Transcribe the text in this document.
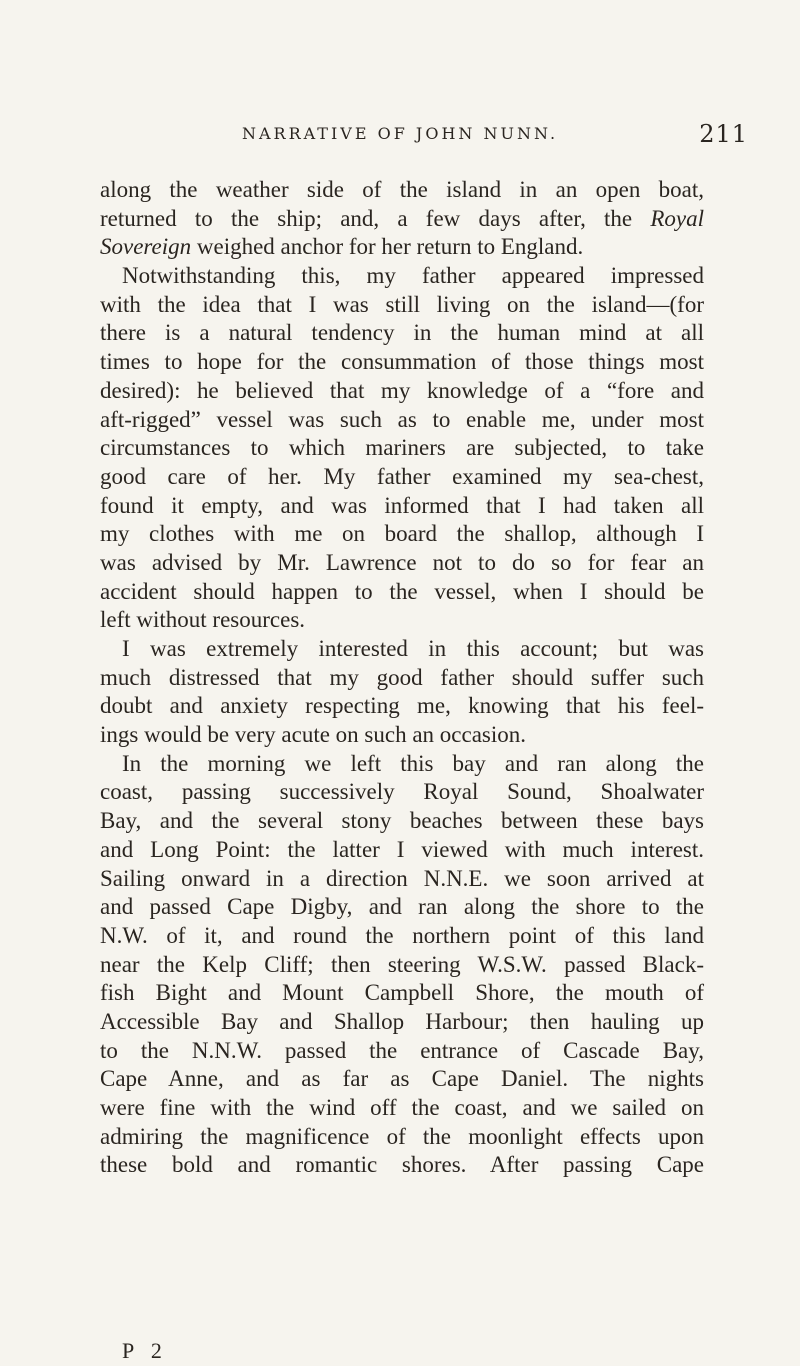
NARRATIVE OF JOHN NUNN.	211
along the weather side of the island in an open boat,
returned to the ship; and, a few days after, the Royal
Sovereign weighed anchor for her return to England.
Notwithstanding this, my father appeared impressed
with the idea that I was still living on the island—(for
there is a natural tendency in the human mind at all
times to hope for the consummation of those things most
desired): he believed that my knowledge of a “fore and
aft-rigged” vessel was such as to enable me, under most
circumstances to which mariners are subjected, to take
good care of her. My father examined my sea-chest,
found it empty, and was informed that I had taken all
my clothes with me on board the shallop, although I
was advised by Mr. Lawrence not to do so for fear an
accident should happen to the vessel, when I should be
left without resources.
I was extremely interested in this account; but was
much distressed that my good father should suffer such
doubt and anxiety respecting me, knowing that his feel-
ings would be very acute on such an occasion.
In the morning we left this bay and ran along the
coast, passing successively Royal Sound, Shoalwater
Bay, and the several stony beaches between these bays
and Long Point: the latter I viewed with much interest.
Sailing onward in a direction N.N.E. we soon arrived at
and passed Cape Digby, and ran along the shore to the
N.W. of it, and round the northern point of this land
near the Kelp Cliff; then steering W.S.W. passed Black-
fish Bight and Mount Campbell Shore, the mouth of
Accessible Bay and Shallop Harbour; then hauling up
to the N.N.W. passed the entrance of Cascade Bay,
Cape Anne, and as far as Cape Daniel. The nights
were fine with the wind off the coast, and we sailed on
admiring the magnificence of the moonlight effects upon
these bold and romantic shores. After passing Cape
P 2
